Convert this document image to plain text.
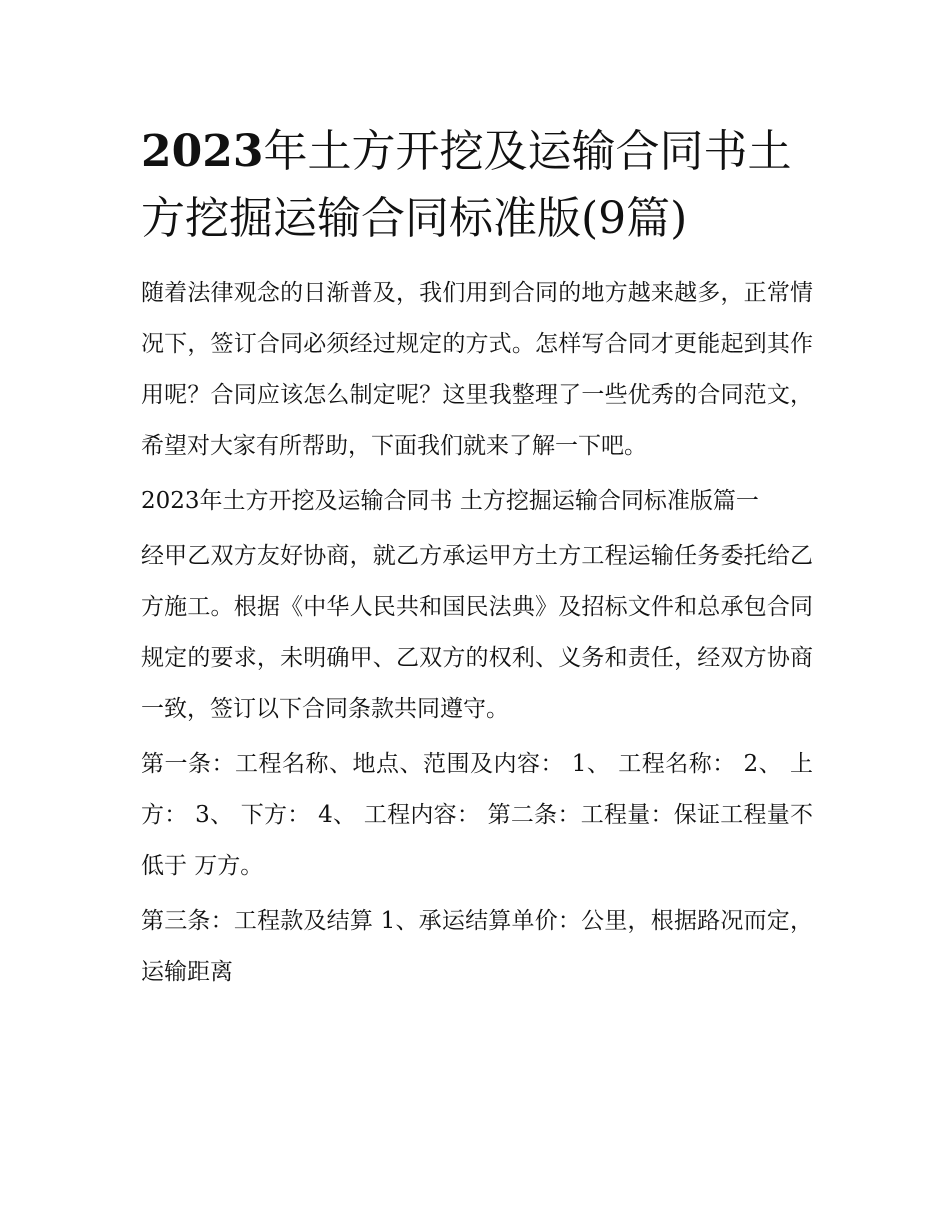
2023年土方开挖及运输合同书土方挖掘运输合同标准版(9篇)

随着法律观念的日渐普及，我们用到合同的地方越来越多，正常情况下，签订合同必须经过规定的方式。怎样写合同才更能起到其作用呢？合同应该怎么制定呢？这里我整理了一些优秀的合同范文，希望对大家有所帮助，下面我们就来了解一下吧。

2023年土方开挖及运输合同书 土方挖掘运输合同标准版篇一

经甲乙双方友好协商，就乙方承运甲方土方工程运输任务委托给乙方施工。根据《中华人民共和国民法典》及招标文件和总承包合同规定的要求，未明确甲、乙双方的权利、义务和责任，经双方协商一致，签订以下合同条款共同遵守。

第一条：工程名称、地点、范围及内容： 1、 工程名称： 2、 上方： 3、 下方： 4、 工程内容： 第二条：工程量：保证工程量不低于 万方。

第三条：工程款及结算 1、承运结算单价：公里，根据路况而定， 运输距离
